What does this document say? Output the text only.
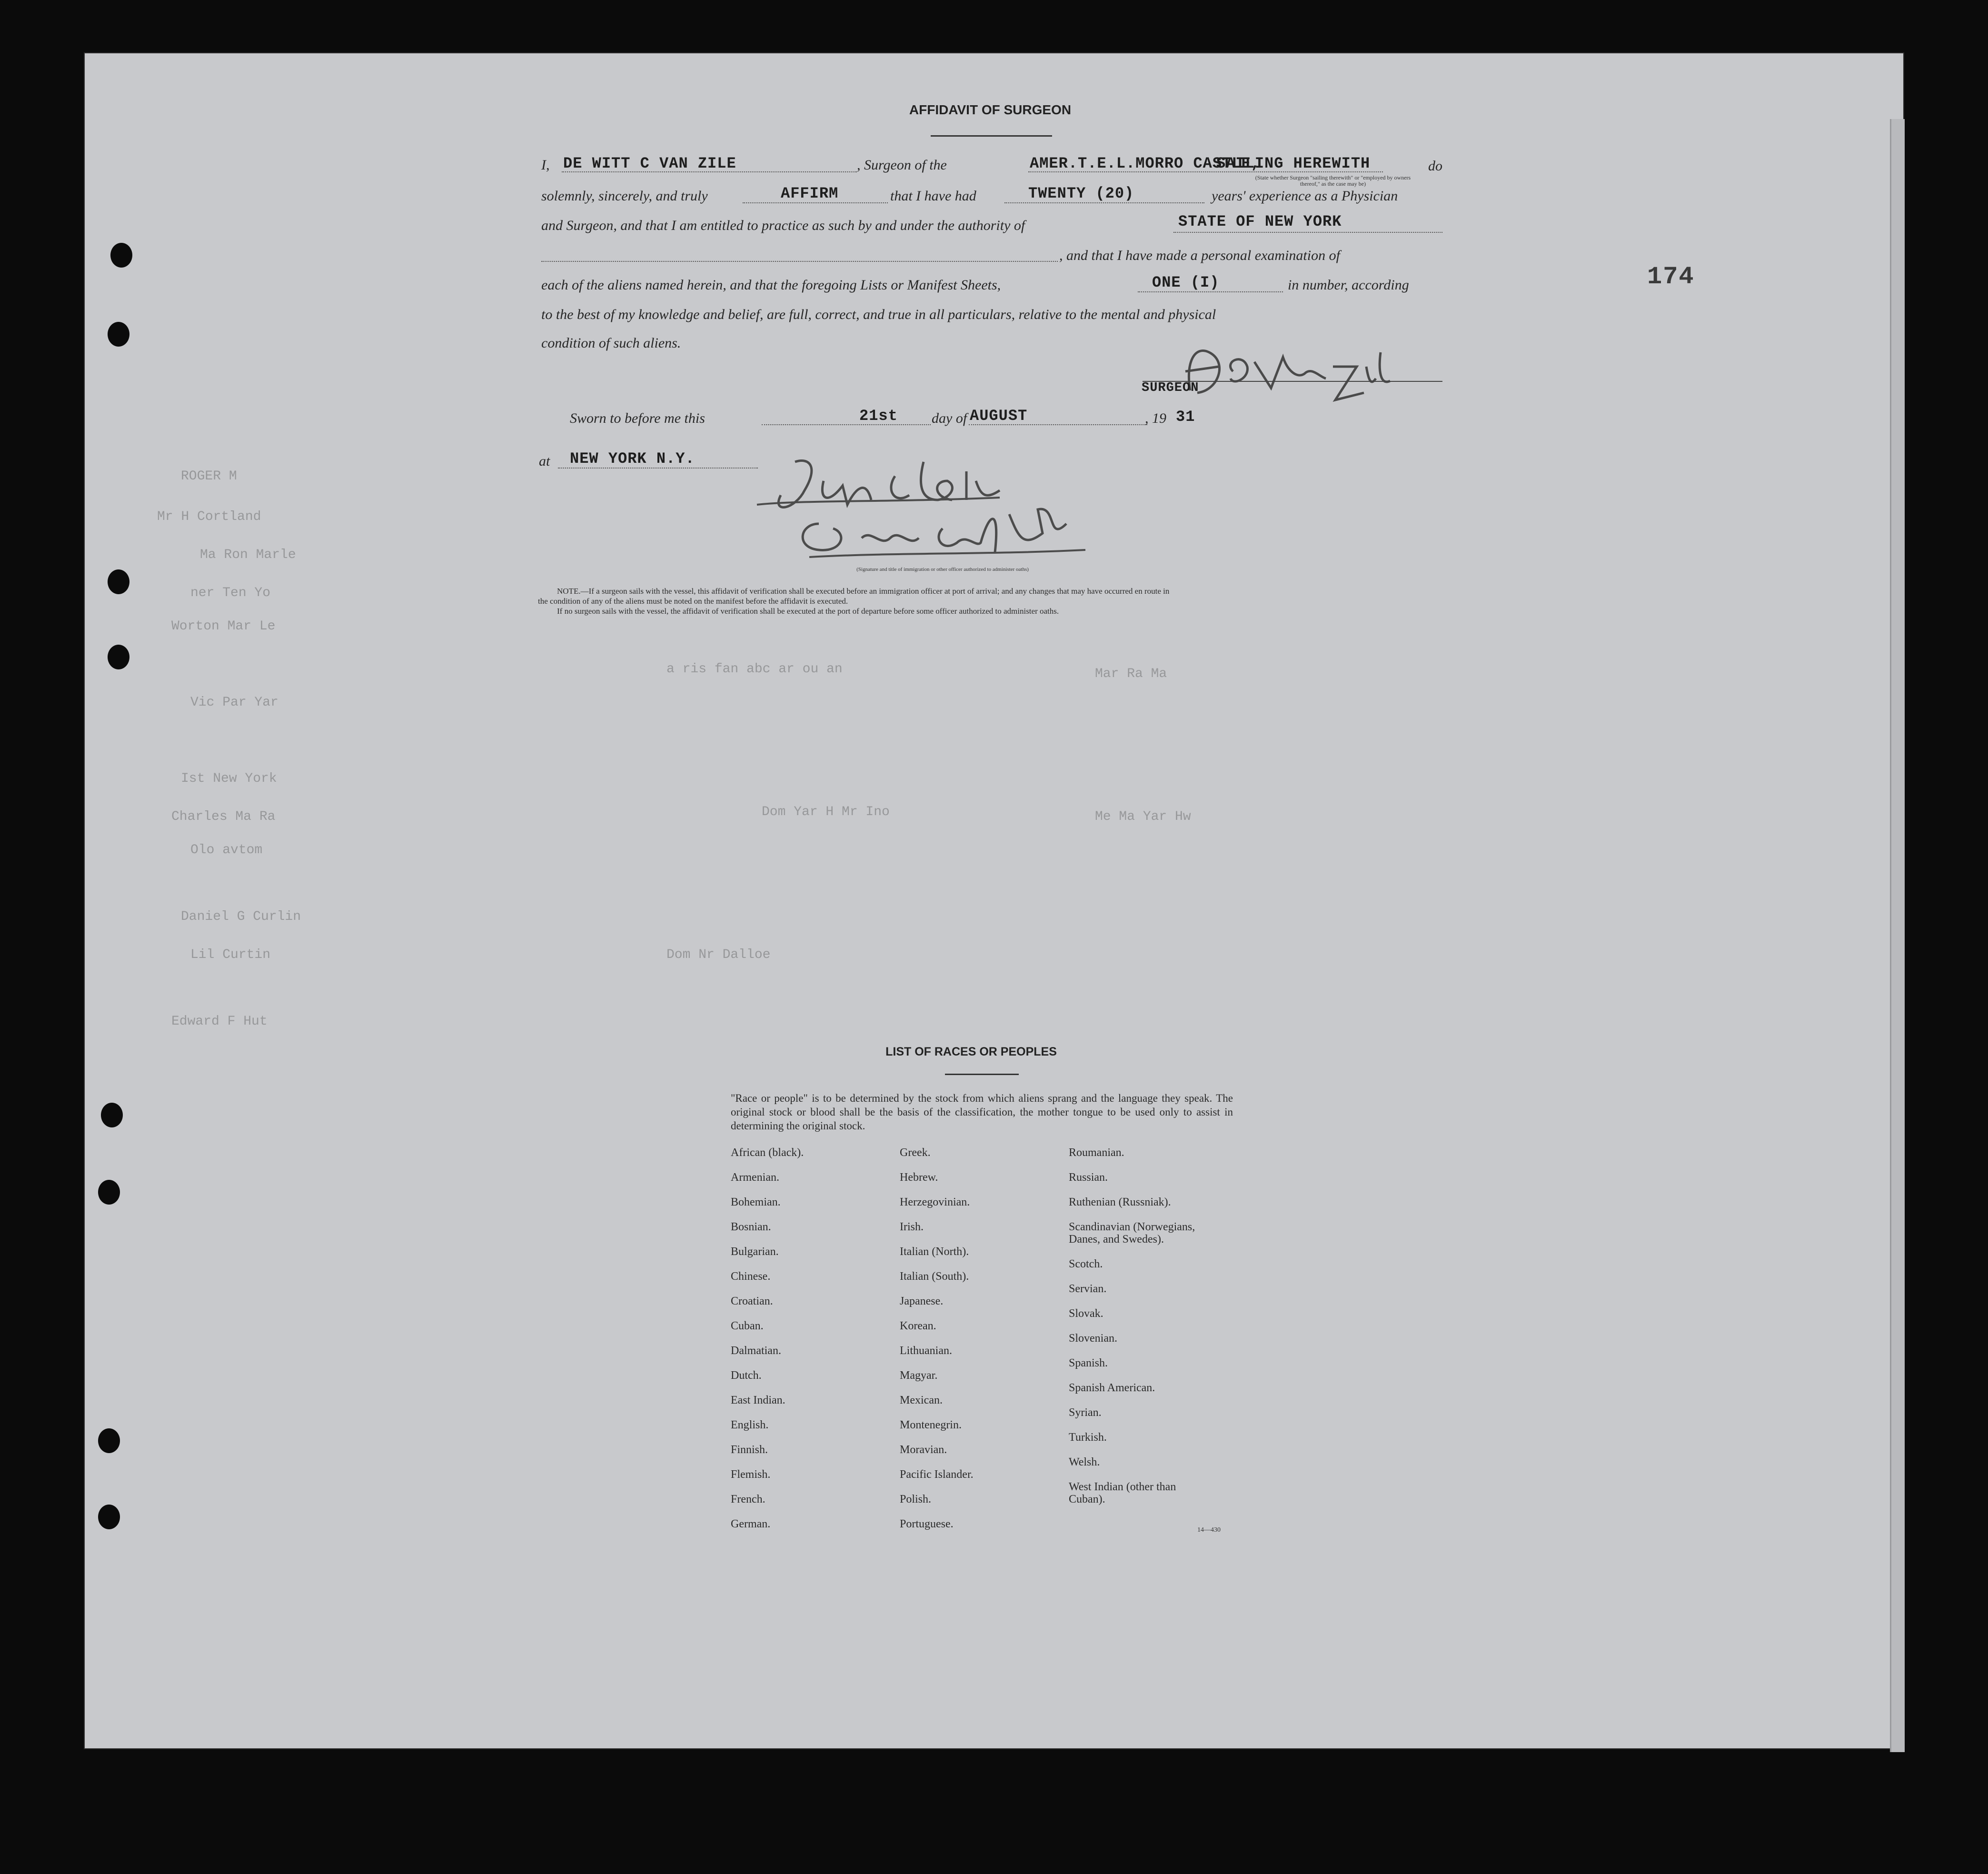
ROGER M
Mr H Cortland
Ma Ron Marle
ner Ten Yo
Worton Mar Le
Vic Par Yar
Ist New York
Charles Ma Ra
Olo avtom
Daniel G Curlin
Lil Curtin
Edward F Hut
a ris fan abc ar ou an
Dom Yar H Mr Ino	Me Ma Yar Hw
Mar Ra Ma
Dom Nr Dalloe
174
AFFIDAVIT OF SURGEON
I, DE WITT C VAN ZILE	, Surgeon of the	AMER.T.E.L.MORRO CASTLE,
SAILING HEREWITH	do
(State whether Surgeon "sailing therewith" or "employed by owners thereof," as the case may be)
solemnly, sincerely, and truly	AFFIRM	that I have had	TWENTY (20)	years' experience as a Physician
and Surgeon, and that I am entitled to practice as such by and under the authority of	STATE OF NEW YORK
, and that I have made a personal examination of
each of the aliens named herein, and that the foregoing Lists or Manifest Sheets,	ONE (I)	in number, according
to the best of my knowledge and belief, are full, correct, and true in all particulars, relative to the mental and physical
condition of such aliens.
SURGEON
Sworn to before me this	21st day of AUGUST	, 19 31
at NEW YORK N.Y.
(Signature and title of immigration or other officer authorized to administer oaths)
NOTE.—If a surgeon sails with the vessel, this affidavit of verification shall be executed before an immigration officer at port of arrival; and any changes that may have occurred en route in
the condition of any of the aliens must be noted on the manifest before the affidavit is executed.
If no surgeon sails with the vessel, the affidavit of verification shall be executed at the port of departure before some officer authorized to administer oaths.
LIST OF RACES OR PEOPLES
"Race or people" is to be determined by the stock from which aliens sprang and the language they speak. The original stock or blood shall be the basis of the classification, the mother tongue to be used only to assist in determining the original stock.
African (black).
Armenian.
Bohemian.
Bosnian.
Bulgarian.
Chinese.
Croatian.
Cuban.
Dalmatian.
Dutch.
East Indian.
English.
Finnish.
Flemish.
French.
German.
Greek.
Hebrew.
Herzegovinian.
Irish.
Italian (North).
Italian (South).
Japanese.
Korean.
Lithuanian.
Magyar.
Mexican.
Montenegrin.
Moravian.
Pacific Islander.
Polish.
Portuguese.
Roumanian.
Russian.
Ruthenian (Russniak).
Scandinavian (Norwegians, Danes, and Swedes).
Scotch.
Servian.
Slovak.
Slovenian.
Spanish.
Spanish American.
Syrian.
Turkish.
Welsh.
West Indian (other than Cuban).
14—430
